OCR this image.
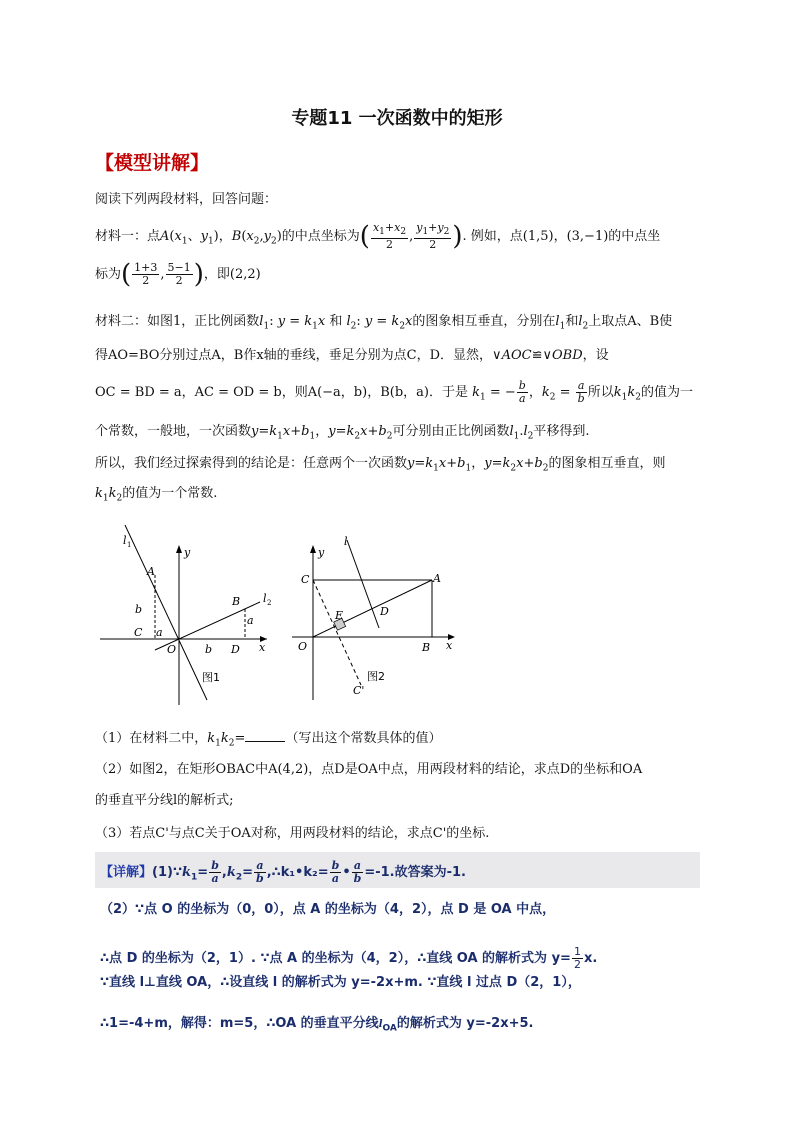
专题11 一次函数中的矩形
【模型讲解】
阅读下列两段材料，回答问题：
材料一：点$A(x_1$、$y_1$)，$B(x_2,y_2)$的中点坐标为( $\frac{x_1+x_2}{2}$ , $\frac{y_1+y_2}{2}$ ). 例如，点(1,5)，(3,−1)的中点坐
标为( $\frac{1+3}{2}$ , $\frac{5-1}{2}$ )，即(2,2)
材料二：如图1，正比例函数$l_1$: $y = k_1x$ 和 $l_2$: $y = k_2x$的图象相互垂直，分别在$l_1$和$l_2$上取点A、B使
得AO=BO分别过点A，B作x轴的垂线，垂足分别为点C，D．显然，∨AOC≌∨OBD，设
OC = BD = a，AC = OD = b，则A(−a，b)，B(b，a)．于是 $k_1$ = − $\frac{b}{a}$ ，$k_2 = \frac{a}{b}$ 所以$k_1k_2$的值为一
个常数，一般地，一次函数$y=k_1x+b_1$，$y=k_2x+b_2$可分别由正比例函数$l_1.l_2$平移得到.
所以，我们经过探索得到的结论是：任意两个一次函数$y=k_1x+b_1$，$y=k_2x+b_2$的图象相互垂直，则
$k_1k_2$的值为一个常数.
l 1
l 2
y
x
A
B
C
D
O
a
a
b
b
图1
l
y
x
A
B
C
D
E
O
C'
图2
（1）在材料二中，$k_1k_2=$	（写出这个常数具体的值）
（2）如图2，在矩形OBAC中A(4,2)，点D是OA中点，用两段材料的结论，求点D的坐标和OA
的垂直平分线l的解析式;
（3）若点C'与点C关于OA对称，用两段材料的结论，求点C'的坐标.
【详解】$(1)\because k_1= \frac{b}{a} ,k_2= \frac{a}{b}$ ,∴k₁•k₂= $\frac{b}{a}$ • $\frac{a}{b} =-1$.故答案为-1.
（2）∵点 O 的坐标为（0，0），点 A 的坐标为（4，2），点 D 是 OA 中点，
∴点 D 的坐标为（2，1）. ∵点 A 的坐标为（4，2），∴直线 OA 的解析式为 $y= \frac{1}{2} x$.
∵直线 l⊥直线 OA，∴设直线 l 的解析式为 y=-2x+m. ∵直线 l 过点 D（2，1），
∴1=-4+m，解得：m=5，∴OA 的垂直平分线$l_{OA}$的解析式为 y=-2x+5.
